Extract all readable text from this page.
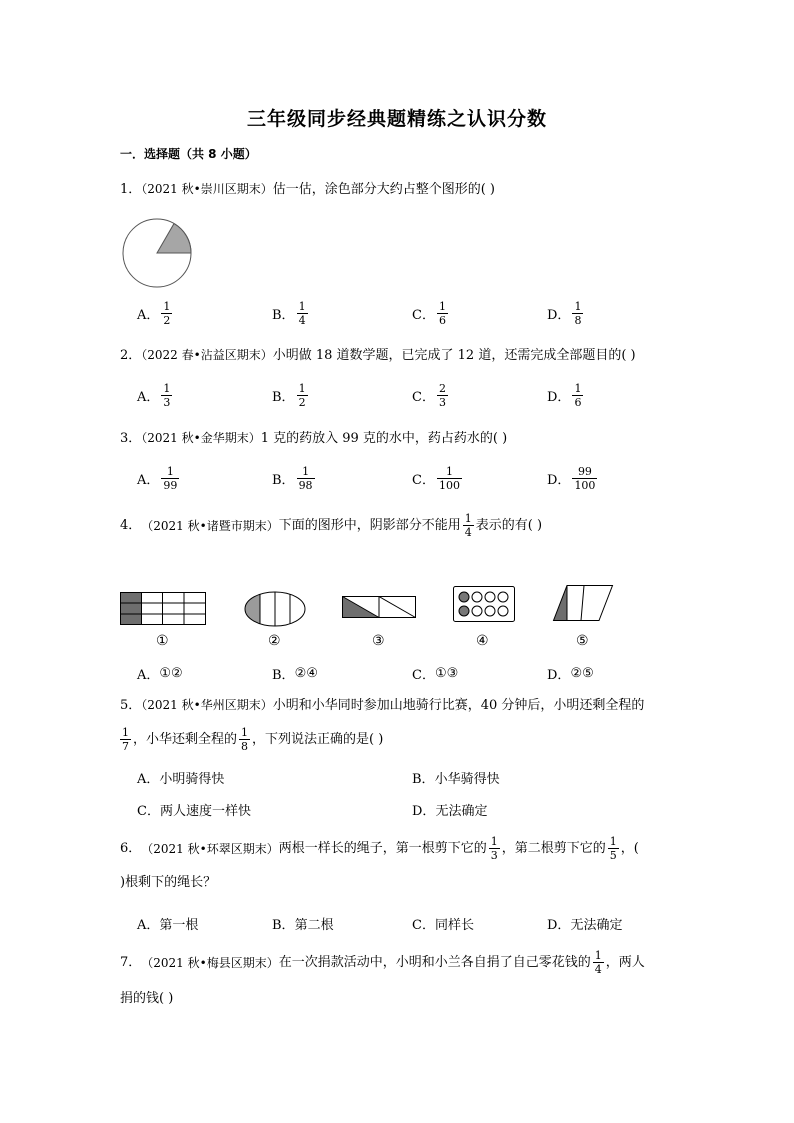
三年级同步经典题精练之认识分数
一．选择题（共 8 小题）
1．（2021 秋•崇川区期末）估一估，涂色部分大约占整个图形的( )
A． $\frac{1}{2}$	B． $\frac{1}{4}$	C． $\frac{1}{6}$	D． $\frac{1}{8}$
2．（2022 春•沾益区期末）小明做 18 道数学题，已完成了 12 道，还需完成全部题目的( )
A． $\frac{1}{3}$	B． $\frac{1}{2}$	C． $\frac{2}{3}$	D． $\frac{1}{6}$
3．（2021 秋•金华期末）1 克的药放入 99 克的水中，药占药水的( )
A． $\frac{1}{99}$	B． $\frac{1}{98}$	C． $\frac{1}{100}$	D． $\frac{99}{100}$
4． （2021 秋•诸暨市期末） 下面的图形中，阴影部分不能用 $\frac{1}{4}$ 表示的有( )
①	②	③	④	⑤
A． ①②	B． ②④	C． ①③	D． ②⑤
5．（2021 秋•华州区期末）小明和小华同时参加山地骑行比赛，40 分钟后，小明还剩全程的
$\frac{1}{7}$ ，小华还剩全程的 $\frac{1}{8}$ ，下列说法正确的是( )
A． 小明骑得快	B． 小华骑得快
C． 两人速度一样快	D． 无法确定
6． （2021 秋•环翠区期末） 两根一样长的绳子，第一根剪下它的 $\frac{1}{3}$ ，第二根剪下它的 $\frac{1}{5}$ ，(
)根剩下的绳长？
A． 第一根	B． 第二根	C． 同样长	D． 无法确定
7． （2021 秋•梅县区期末） 在一次捐款活动中，小明和小兰各自捐了自己零花钱的 $\frac{1}{4}$ ，两人
捐的钱( )
